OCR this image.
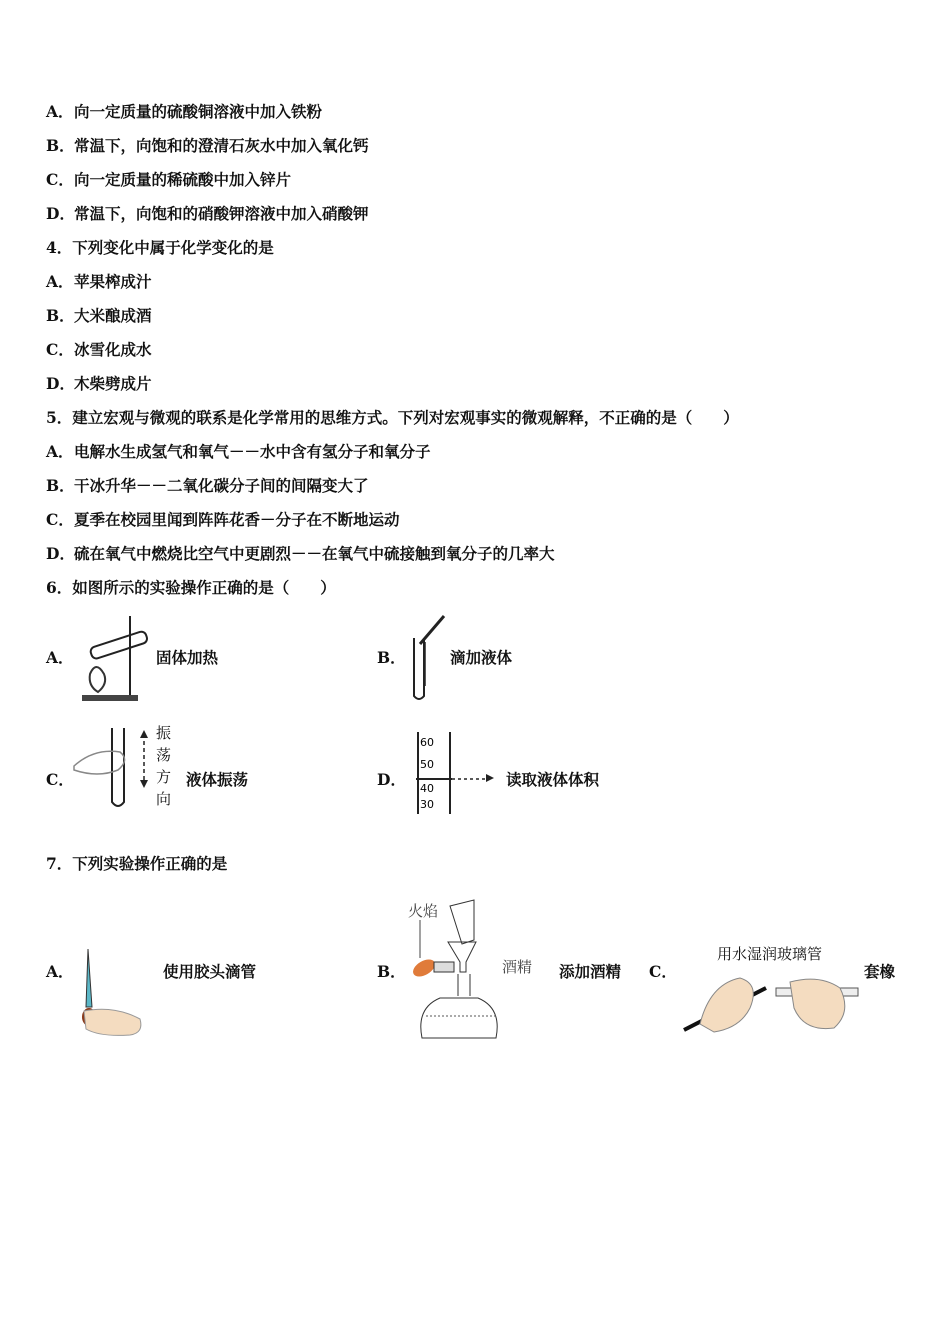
A．向一定质量的硫酸铜溶液中加入铁粉
B．常温下，向饱和的澄清石灰水中加入氧化钙
C．向一定质量的稀硫酸中加入锌片
D．常温下，向饱和的硝酸钾溶液中加入硝酸钾
4．下列变化中属于化学变化的是
A．苹果榨成汁
B．大米酿成酒
C．冰雪化成水
D．木柴劈成片
5．建立宏观与微观的联系是化学常用的思维方式。下列对宏观事实的微观解释，不正确的是（　　）
A．电解水生成氢气和氧气－－水中含有氢分子和氧分子
B．干冰升华－－二氧化碳分子间的间隔变大了
C．夏季在校园里闻到阵阵花香－分子在不断地运动
D．硫在氧气中燃烧比空气中更剧烈－－在氧气中硫接触到氧分子的几率大
6．如图所示的实验操作正确的是（　　）
A．	固体加热	B．	滴加液体
C．
振
荡
方
向
液体振荡	D．
60
50
40
30
读取液体体积
7．下列实验操作正确的是
A．	使用胶头滴管	B．
火焰
酒精 添加酒精 C．
用水湿润玻璃管
套橡
